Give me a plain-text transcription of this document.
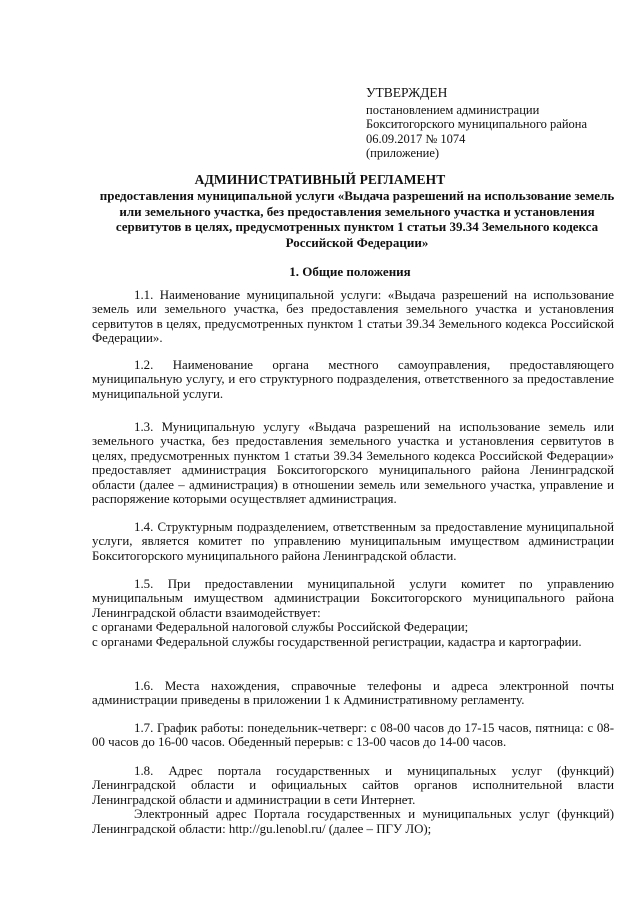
УТВЕРЖДЕН
постановлением администрации
Бокситогорского муниципального района
06.09.2017 № 1074
(приложение)
АДМИНИСТРАТИВНЫЙ РЕГЛАМЕНТ
предоставления муниципальной услуги «Выдача разрешений на использование земель или земельного участка, без предоставления земельного участка и установления сервитутов в целях, предусмотренных пунктом 1 статьи 39.34 Земельного кодекса Российской Федерации»
1. Общие положения
1.1. Наименование муниципальной услуги: «Выдача разрешений на использование земель или земельного участка, без предоставления земельного участка и установления сервитутов в целях, предусмотренных пунктом 1 статьи 39.34 Земельного кодекса Российской Федерации».
1.2. Наименование органа местного самоуправления, предоставляющего муниципальную услугу, и его структурного подразделения, ответственного за предоставление муниципальной услуги.
1.3. Муниципальную услугу «Выдача разрешений на использование земель или земельного участка, без предоставления земельного участка и установления сервитутов в целях, предусмотренных пунктом 1 статьи 39.34 Земельного кодекса Российской Федерации» предоставляет администрация Бокситогорского муниципального района Ленинградской области (далее – администрация) в отношении земель или земельного участка, управление и распоряжение которыми осуществляет администрация.
1.4. Структурным подразделением, ответственным за предоставление муниципальной услуги, является комитет по управлению муниципальным имуществом администрации Бокситогорского муниципального района Ленинградской области.
1.5. При предоставлении муниципальной услуги комитет по управлению муниципальным имуществом администрации Бокситогорского муниципального района Ленинградской области взаимодействует:
с органами Федеральной налоговой службы Российской Федерации;
с органами Федеральной службы государственной регистрации, кадастра и картографии.
1.6. Места нахождения, справочные телефоны и адреса электронной почты администрации приведены в приложении 1 к Административному регламенту.
1.7. График работы: понедельник-четверг: с 08-00 часов до 17-15 часов, пятница: с 08-00 часов до 16-00 часов. Обеденный перерыв: с 13-00 часов до 14-00 часов.
1.8. Адрес портала государственных и муниципальных услуг (функций) Ленинградской области и официальных сайтов органов исполнительной власти Ленинградской области и администрации в сети Интернет.
Электронный адрес Портала государственных и муниципальных услуг (функций) Ленинградской области: http://gu.lenobl.ru/ (далее – ПГУ ЛО);
